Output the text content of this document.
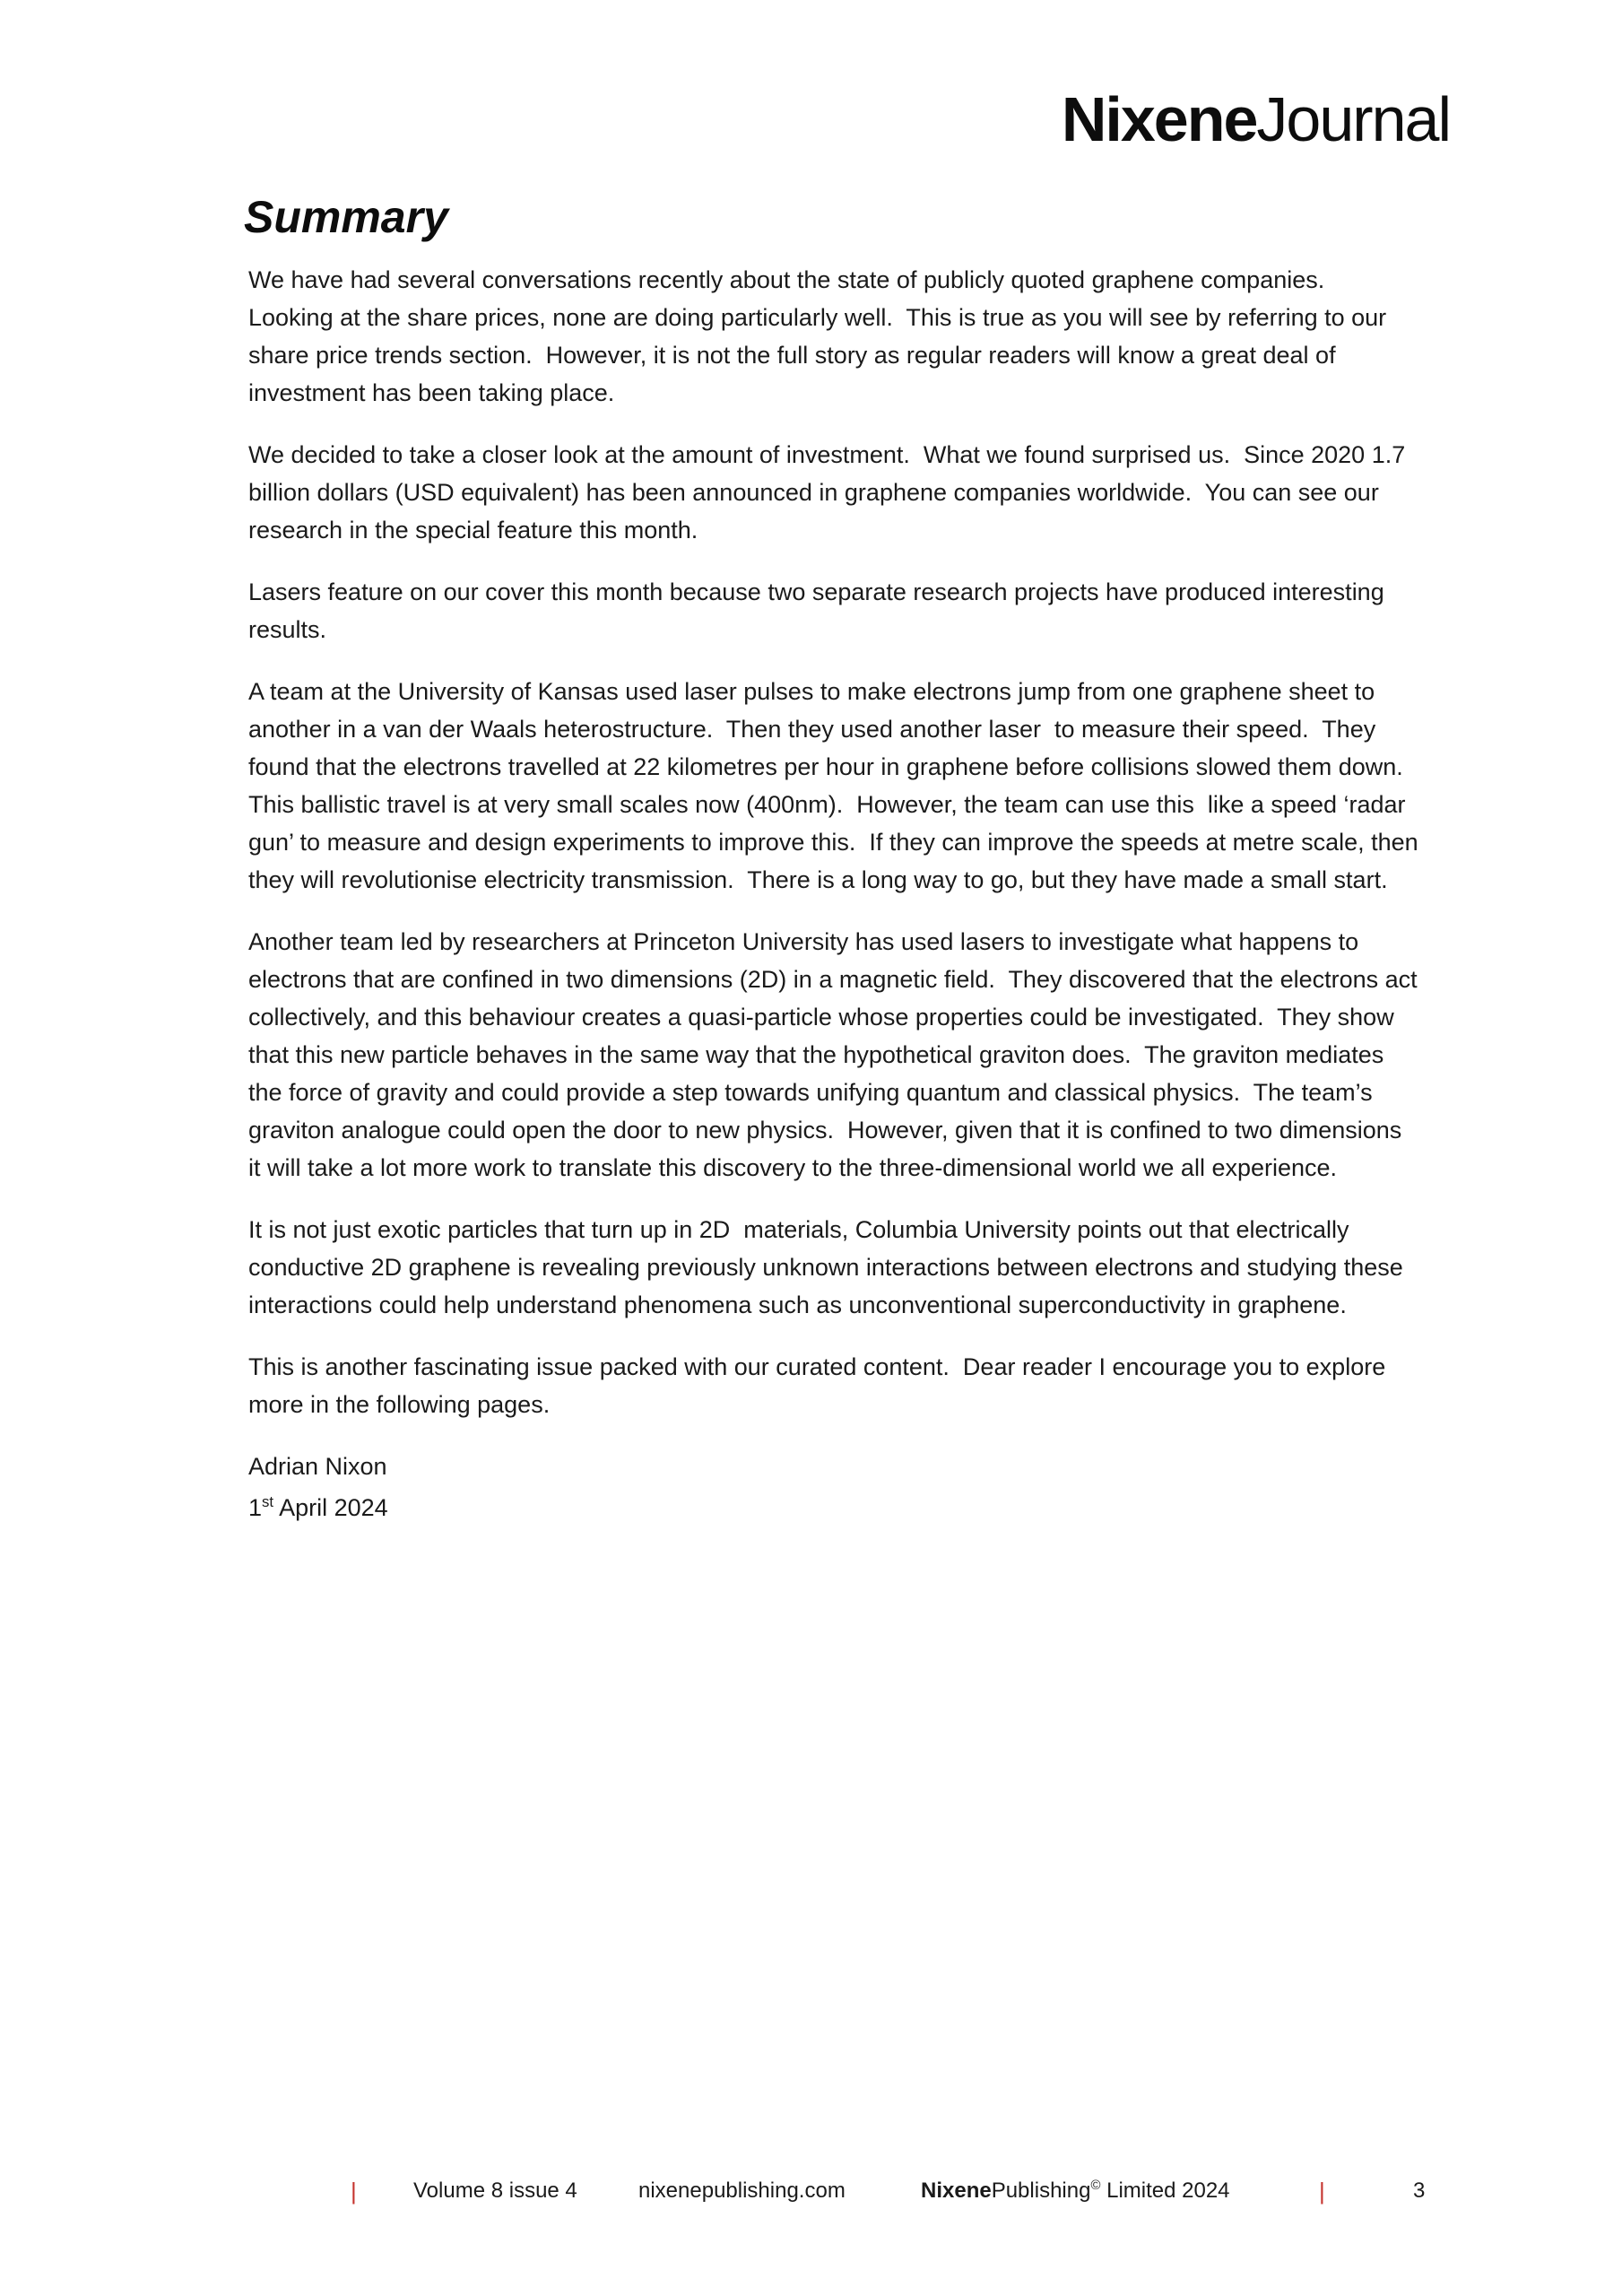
NixeneJournal
Summary

We have had several conversations recently about the state of publicly quoted graphene companies.  Looking at the share prices, none are doing particularly well.  This is true as you will see by referring to our share price trends section.  However, it is not the full story as regular readers will know a great deal of investment has been taking place.

We decided to take a closer look at the amount of investment.  What we found surprised us.  Since 2020 1.7 billion dollars (USD equivalent) has been announced in graphene companies worldwide.  You can see our research in the special feature this month.

Lasers feature on our cover this month because two separate research projects have produced interesting results.

A team at the University of Kansas used laser pulses to make electrons jump from one graphene sheet to another in a van der Waals heterostructure.  Then they used another laser  to measure their speed.  They found that the electrons travelled at 22 kilometres per hour in graphene before collisions slowed them down.  This ballistic travel is at very small scales now (400nm).  However, the team can use this  like a speed ‘radar gun’ to measure and design experiments to improve this.  If they can improve the speeds at metre scale, then they will revolutionise electricity transmission.  There is a long way to go, but they have made a small start.

Another team led by researchers at Princeton University has used lasers to investigate what happens to electrons that are confined in two dimensions (2D) in a magnetic field.  They discovered that the electrons act collectively, and this behaviour creates a quasi-particle whose properties could be investigated.  They show that this new particle behaves in the same way that the hypothetical graviton does.  The graviton mediates the force of gravity and could provide a step towards unifying quantum and classical physics.  The team’s graviton analogue could open the door to new physics.  However, given that it is confined to two dimensions it will take a lot more work to translate this discovery to the three-dimensional world we all experience.

It is not just exotic particles that turn up in 2D  materials, Columbia University points out that electrically conductive 2D graphene is revealing previously unknown interactions between electrons and studying these interactions could help understand phenomena such as unconventional superconductivity in graphene.

This is another fascinating issue packed with our curated content.  Dear reader I encourage you to explore more in the following pages.

Adrian Nixon

1st April 2024

|	Volume 8 issue 4	nixenepublishing.com	NixenePublishing© Limited 2024	|	3
